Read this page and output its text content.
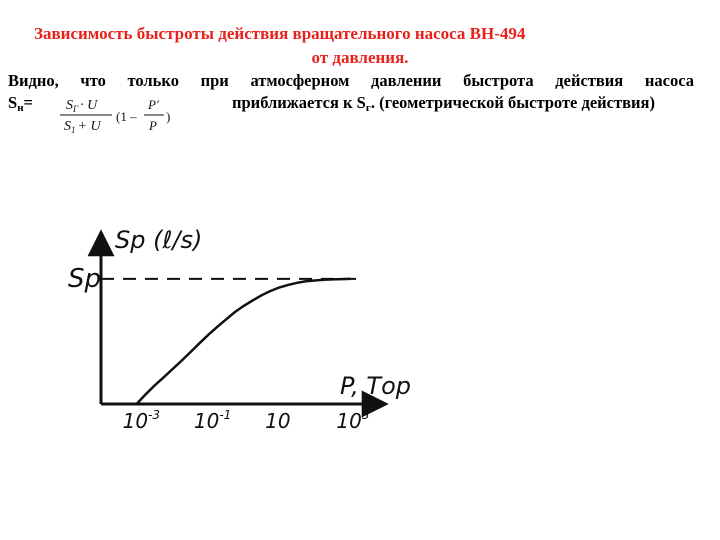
Зависимость быстроты действия вращательного насоса ВН-494
от давления.
Видно, что только при атмосферном давлении быстрота действия насоса
$S_н=$	приближается к $S_г$. (геометрической быстроте действия)
$S_Г \cdot U$
$S_1 + U$
(1 –
P'
P
)
$10^{-3}$ $10^{-1}$ 10 $10^3$
Sp (ℓ/s)
Sp
P, Тор
